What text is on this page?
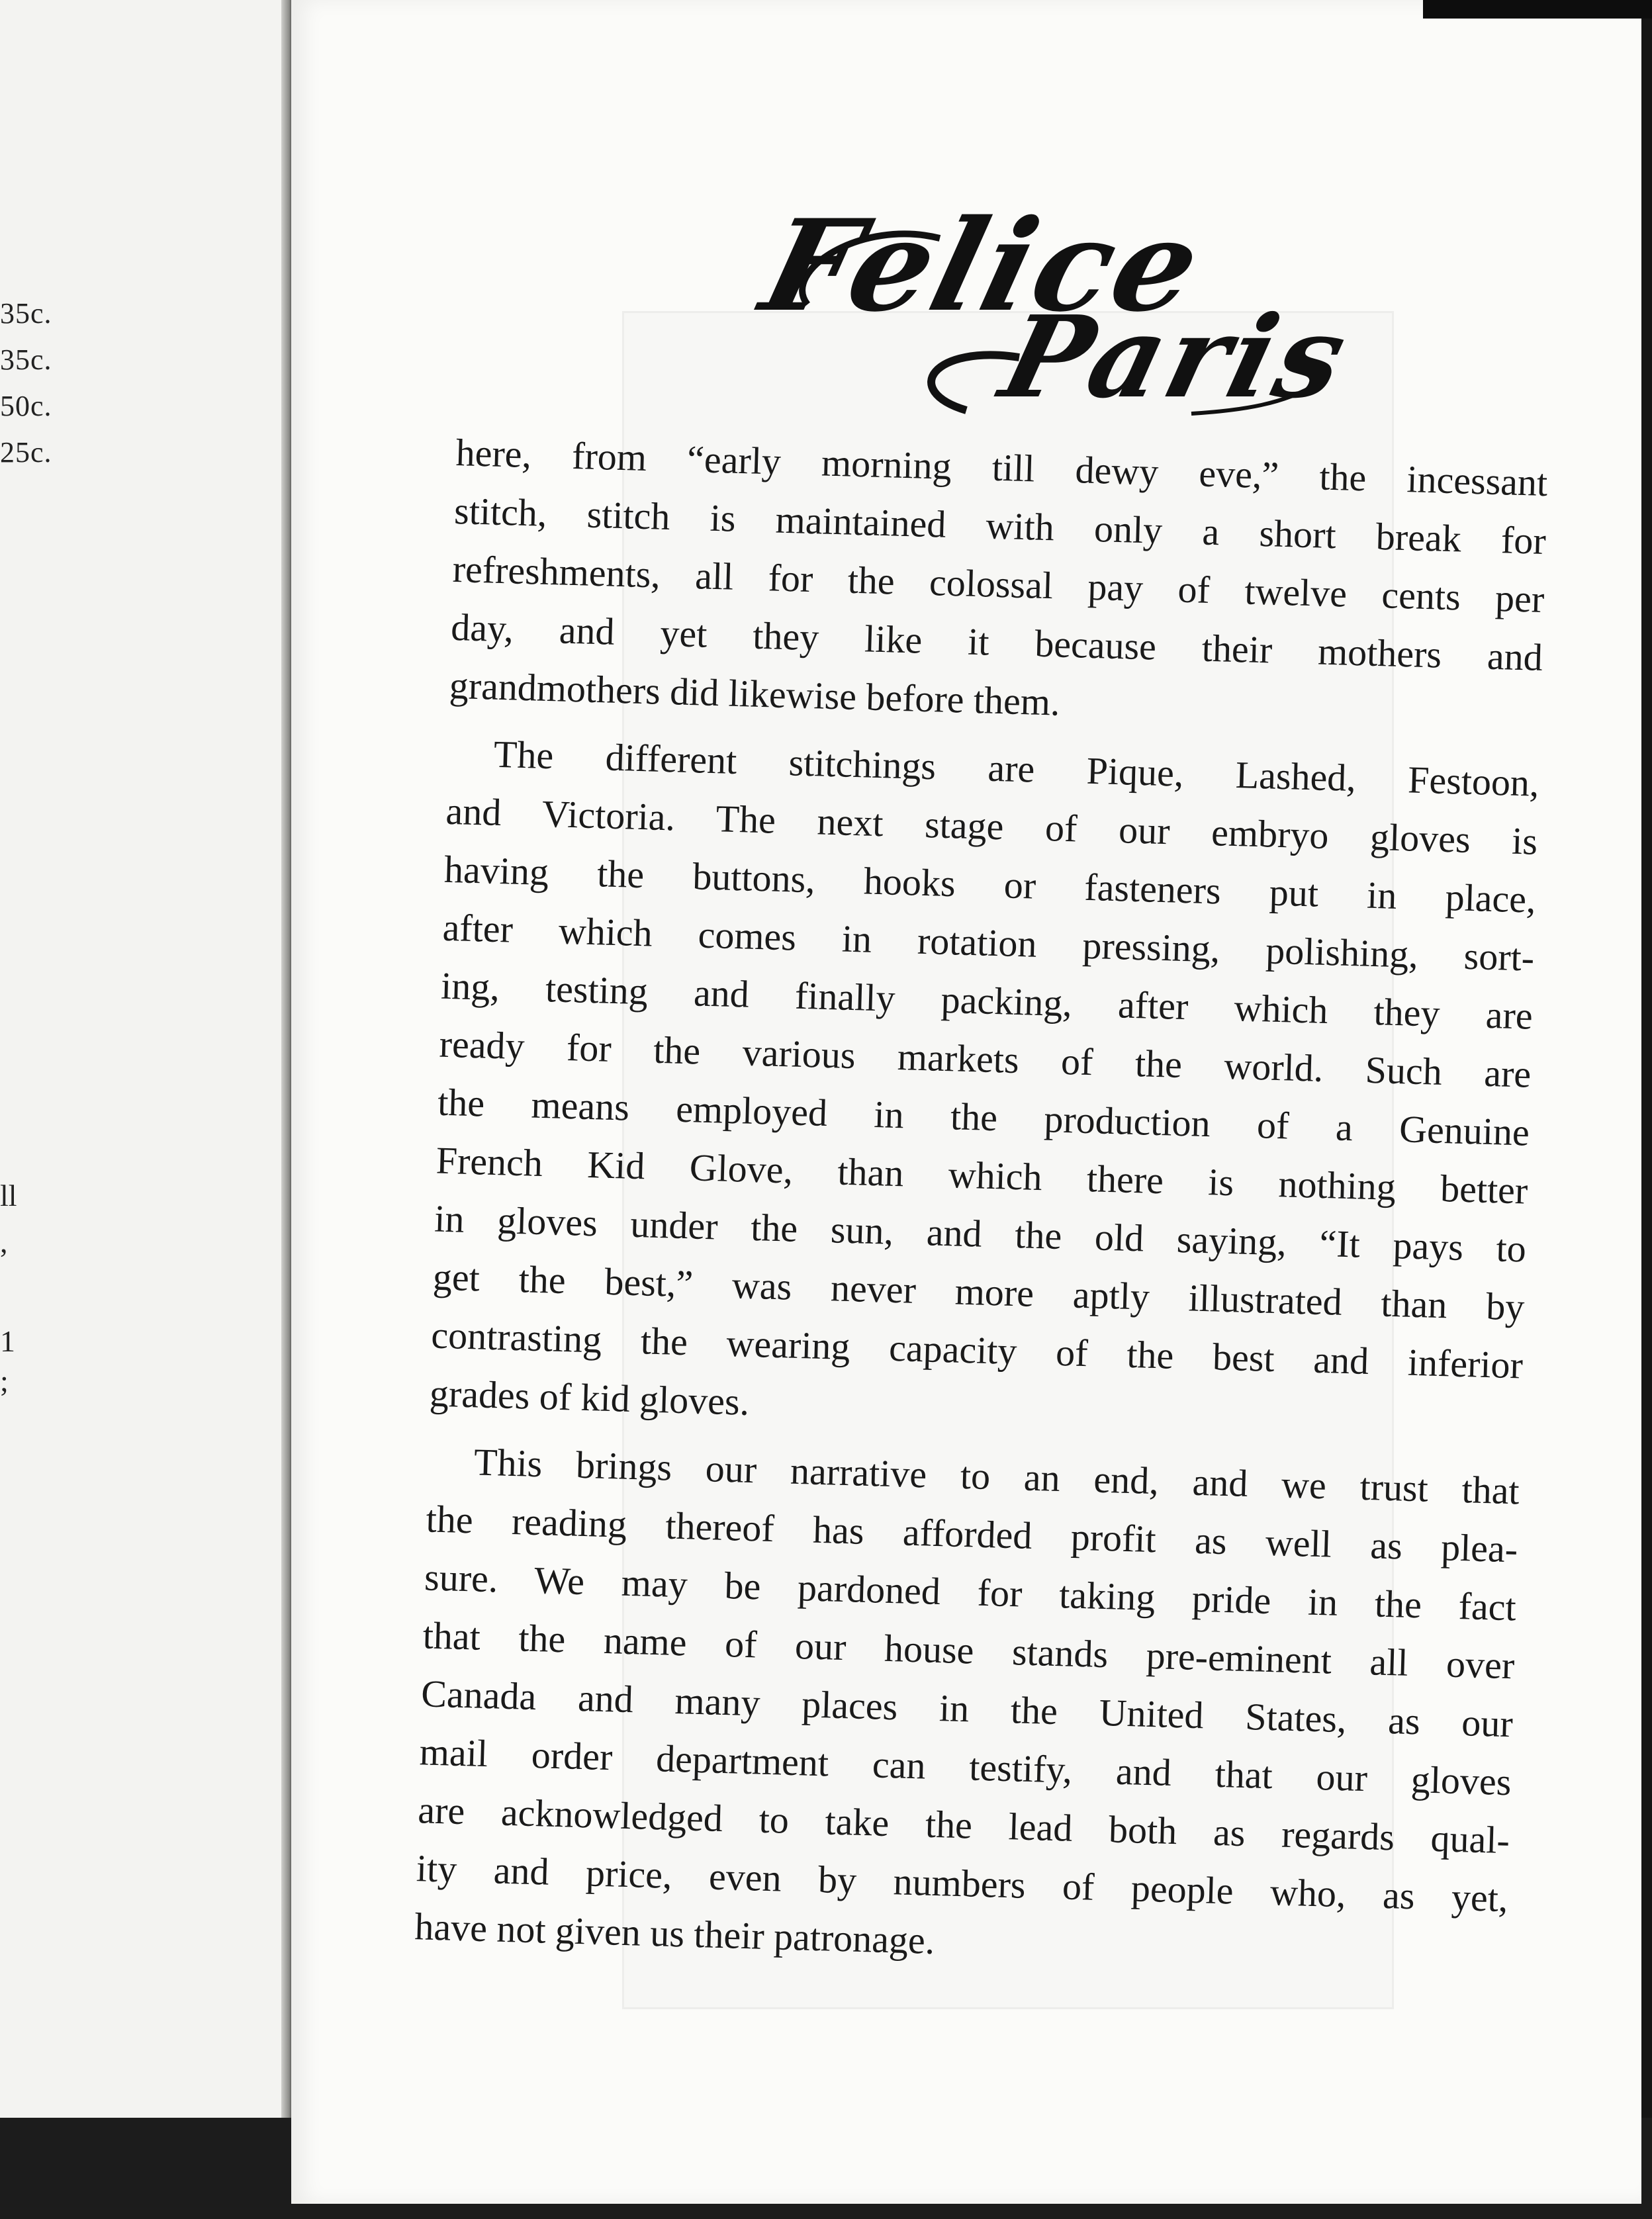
35c.
35c.
50c.
25c.
ll
,
1
;
Felice
Paris

here, from “early morning till dewy eve,” the incessant
stitch, stitch is maintained with only a short break for
refreshments, all for the colossal pay of twelve cents per
day, and yet they like it because their mothers and
grandmothers did likewise before them.

The different stitchings are Pique, Lashed, Festoon,
and Victoria. The next stage of our embryo gloves is
having the buttons, hooks or fasteners put in place,
after which comes in rotation pressing, polishing, sort-
ing, testing and finally packing, after which they are
ready for the various markets of the world. Such are
the means employed in the production of a Genuine
French Kid Glove, than which there is nothing better
in gloves under the sun, and the old saying, “It pays to
get the best,” was never more aptly illustrated than by
contrasting the wearing capacity of the best and inferior
grades of kid gloves.

This brings our narrative to an end, and we trust that
the reading thereof has afforded profit as well as plea-
sure. We may be pardoned for taking pride in the fact
that the name of our house stands pre-eminent all over
Canada and many places in the United States, as our
mail order department can testify, and that our gloves
are acknowledged to take the lead both as regards qual-
ity and price, even by numbers of people who, as yet,
have not given us their patronage.
